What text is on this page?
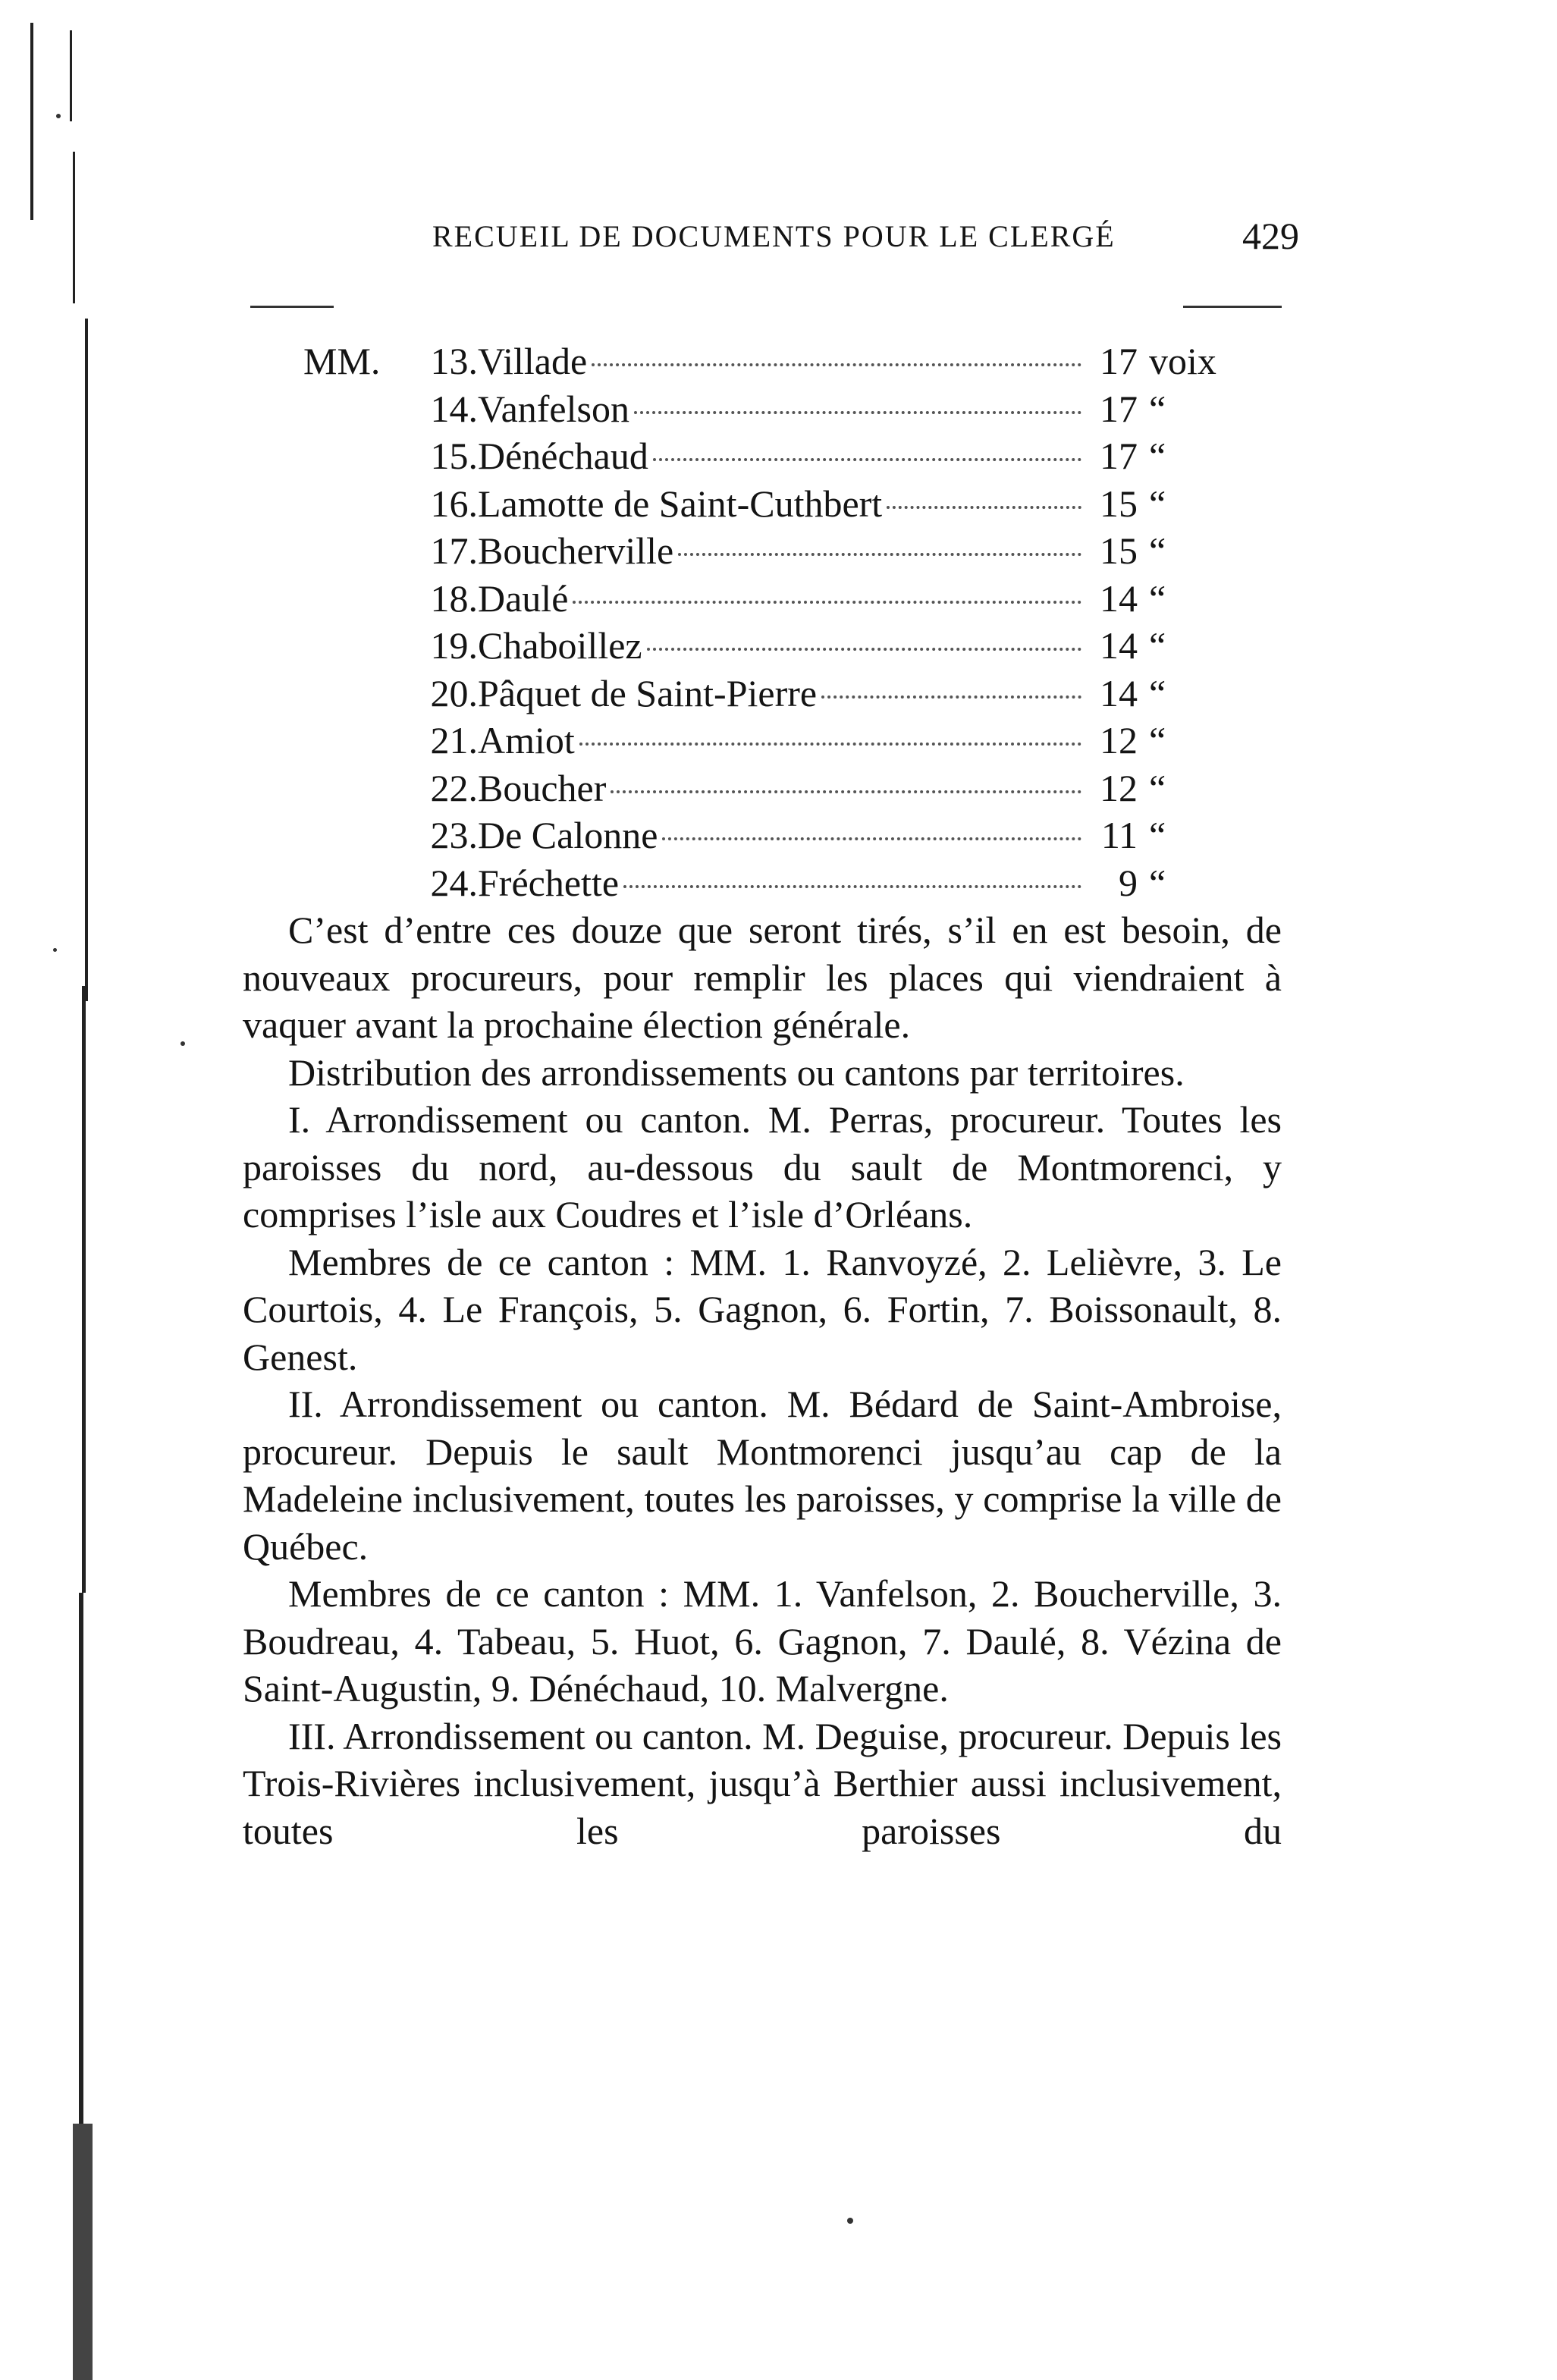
RECUEIL DE DOCUMENTS POUR LE CLERGÉ	429
MM.	13. Villade	17 voix
14. Vanfelson	17 “
15. Dénéchaud	17 “
16. Lamotte de Saint-Cuthbert	15 “
17. Boucherville	15 “
18. Daulé	14 “
19. Chaboillez	14 “
20. Pâquet de Saint-Pierre	14 “
21. Amiot	12 “
22. Boucher	12 “
23. De Calonne	11 “
24. Fréchette	9 “

C’est d’entre ces douze que seront tirés, s’il en est besoin, de nouveaux procureurs, pour remplir les places qui viendraient à vaquer avant la prochaine élection générale.

Distribution des arrondissements ou cantons par territoires.

I. Arrondissement ou canton. M. Perras, procureur. Toutes les paroisses du nord, au-dessous du sault de Montmorenci, y comprises l’isle aux Coudres et l’isle d’Orléans.

Membres de ce canton : MM. 1. Ranvoyzé, 2. Lelièvre, 3. Le Courtois, 4. Le François, 5. Gagnon, 6. Fortin, 7. Boissonault, 8. Genest.

II. Arrondissement ou canton. M. Bédard de Saint-Ambroise, procureur. Depuis le sault Montmorenci jusqu’au cap de la Madeleine inclusivement, toutes les paroisses, y comprise la ville de Québec.

Membres de ce canton : MM. 1. Vanfelson, 2. Boucherville, 3. Boudreau, 4. Tabeau, 5. Huot, 6. Gagnon, 7. Daulé, 8. Vézina de Saint-Augustin, 9. Dénéchaud, 10. Malvergne.

III. Arrondissement ou canton. M. Deguise, procureur. Depuis les Trois-Rivières inclusivement, jusqu’à Berthier aussi inclusivement, toutes les paroisses du
